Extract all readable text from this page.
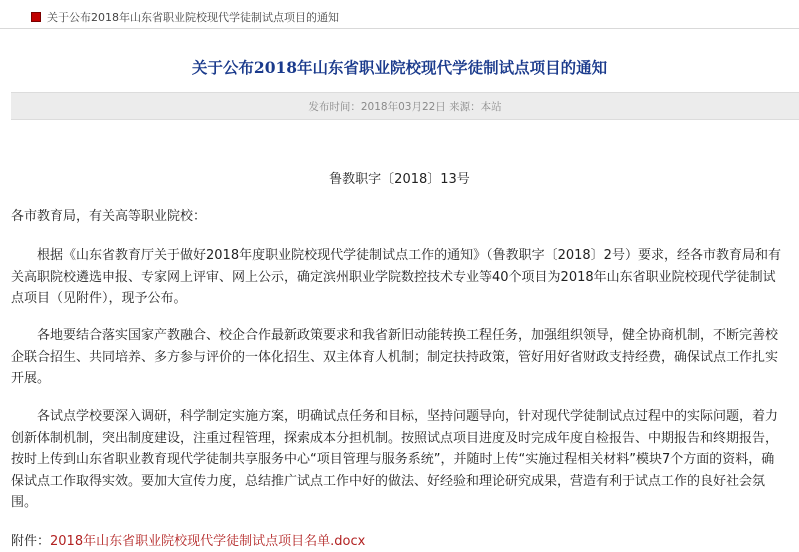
关于公布2018年山东省职业院校现代学徒制试点项目的通知
关于公布2018年山东省职业院校现代学徒制试点项目的通知
发布时间：2018年03月22日 来源：本站
鲁教职字〔2018〕13号

各市教育局，有关高等职业院校：

根据《山东省教育厅关于做好2018年度职业院校现代学徒制试点工作的通知》（鲁教职字〔2018〕2号）要求，经各市教育局和有关高职院校遴选申报、专家网上评审、网上公示，确定滨州职业学院数控技术专业等40个项目为2018年山东省职业院校现代学徒制试点项目（见附件），现予公布。

各地要结合落实国家产教融合、校企合作最新政策要求和我省新旧动能转换工程任务，加强组织领导，健全协商机制，不断完善校企联合招生、共同培养、多方参与评价的一体化招生、双主体育人机制；制定扶持政策，管好用好省财政支持经费，确保试点工作扎实开展。

各试点学校要深入调研，科学制定实施方案，明确试点任务和目标，坚持问题导向，针对现代学徒制试点过程中的实际问题，着力创新体制机制，突出制度建设，注重过程管理，探索成本分担机制。按照试点项目进度及时完成年度自检报告、中期报告和终期报告，按时上传到山东省职业教育现代学徒制共享服务中心“项目管理与服务系统”，并随时上传“实施过程相关材料”模块7个方面的资料，确保试点工作取得实效。要加大宣传力度，总结推广试点工作中好的做法、好经验和理论研究成果，营造有利于试点工作的良好社会氛围。

附件：2018年山东省职业院校现代学徒制试点项目名单.docx
